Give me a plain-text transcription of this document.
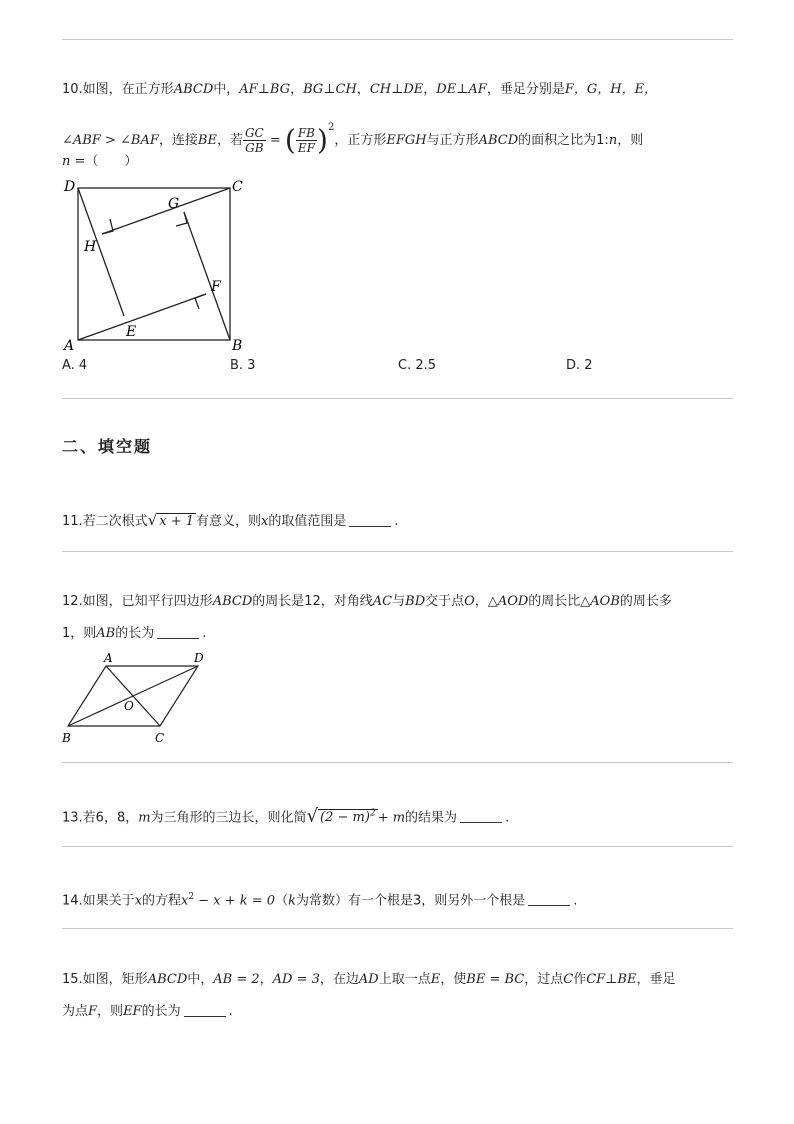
10.如图，在正方形ABCD中，AF⊥BG，BG⊥CH，CH⊥DE，DE⊥AF，垂足分别是F，G，H，E，
∠ABF > ∠BAF，连接BE，若 $\frac{GC}{GB}$ = ( $\frac{FB}{EF} )^2$，正方形EFGH与正方形ABCD的面积之比为1:n，则
n =（　　）
D	C
A	B
G
H
F
E
A. 4	B. 3	C. 2.5	D. 2
二、填空题
11.若二次根式√ x + 1 有意义，则x的取值范围是	.
12.如图，已知平行四边形ABCD的周长是12，对角线AC与BD交于点O，△AOD的周长比△AOB的周长多
1，则AB的长为	.
A	D
B	C
O
13.若6，8，m为三角形的三边长，则化简√ $(2 - m)^2 + m$的结果为	.
14.如果关于x的方程$x^2 - x + k = 0(k$为常数）有一个根是3，则另外一个根是	.
15.如图，矩形ABCD中，AB = 2，AD = 3，在边AD上取一点E，使BE = BC，过点C作CF⊥BE，垂足
为点F，则EF的长为	.
